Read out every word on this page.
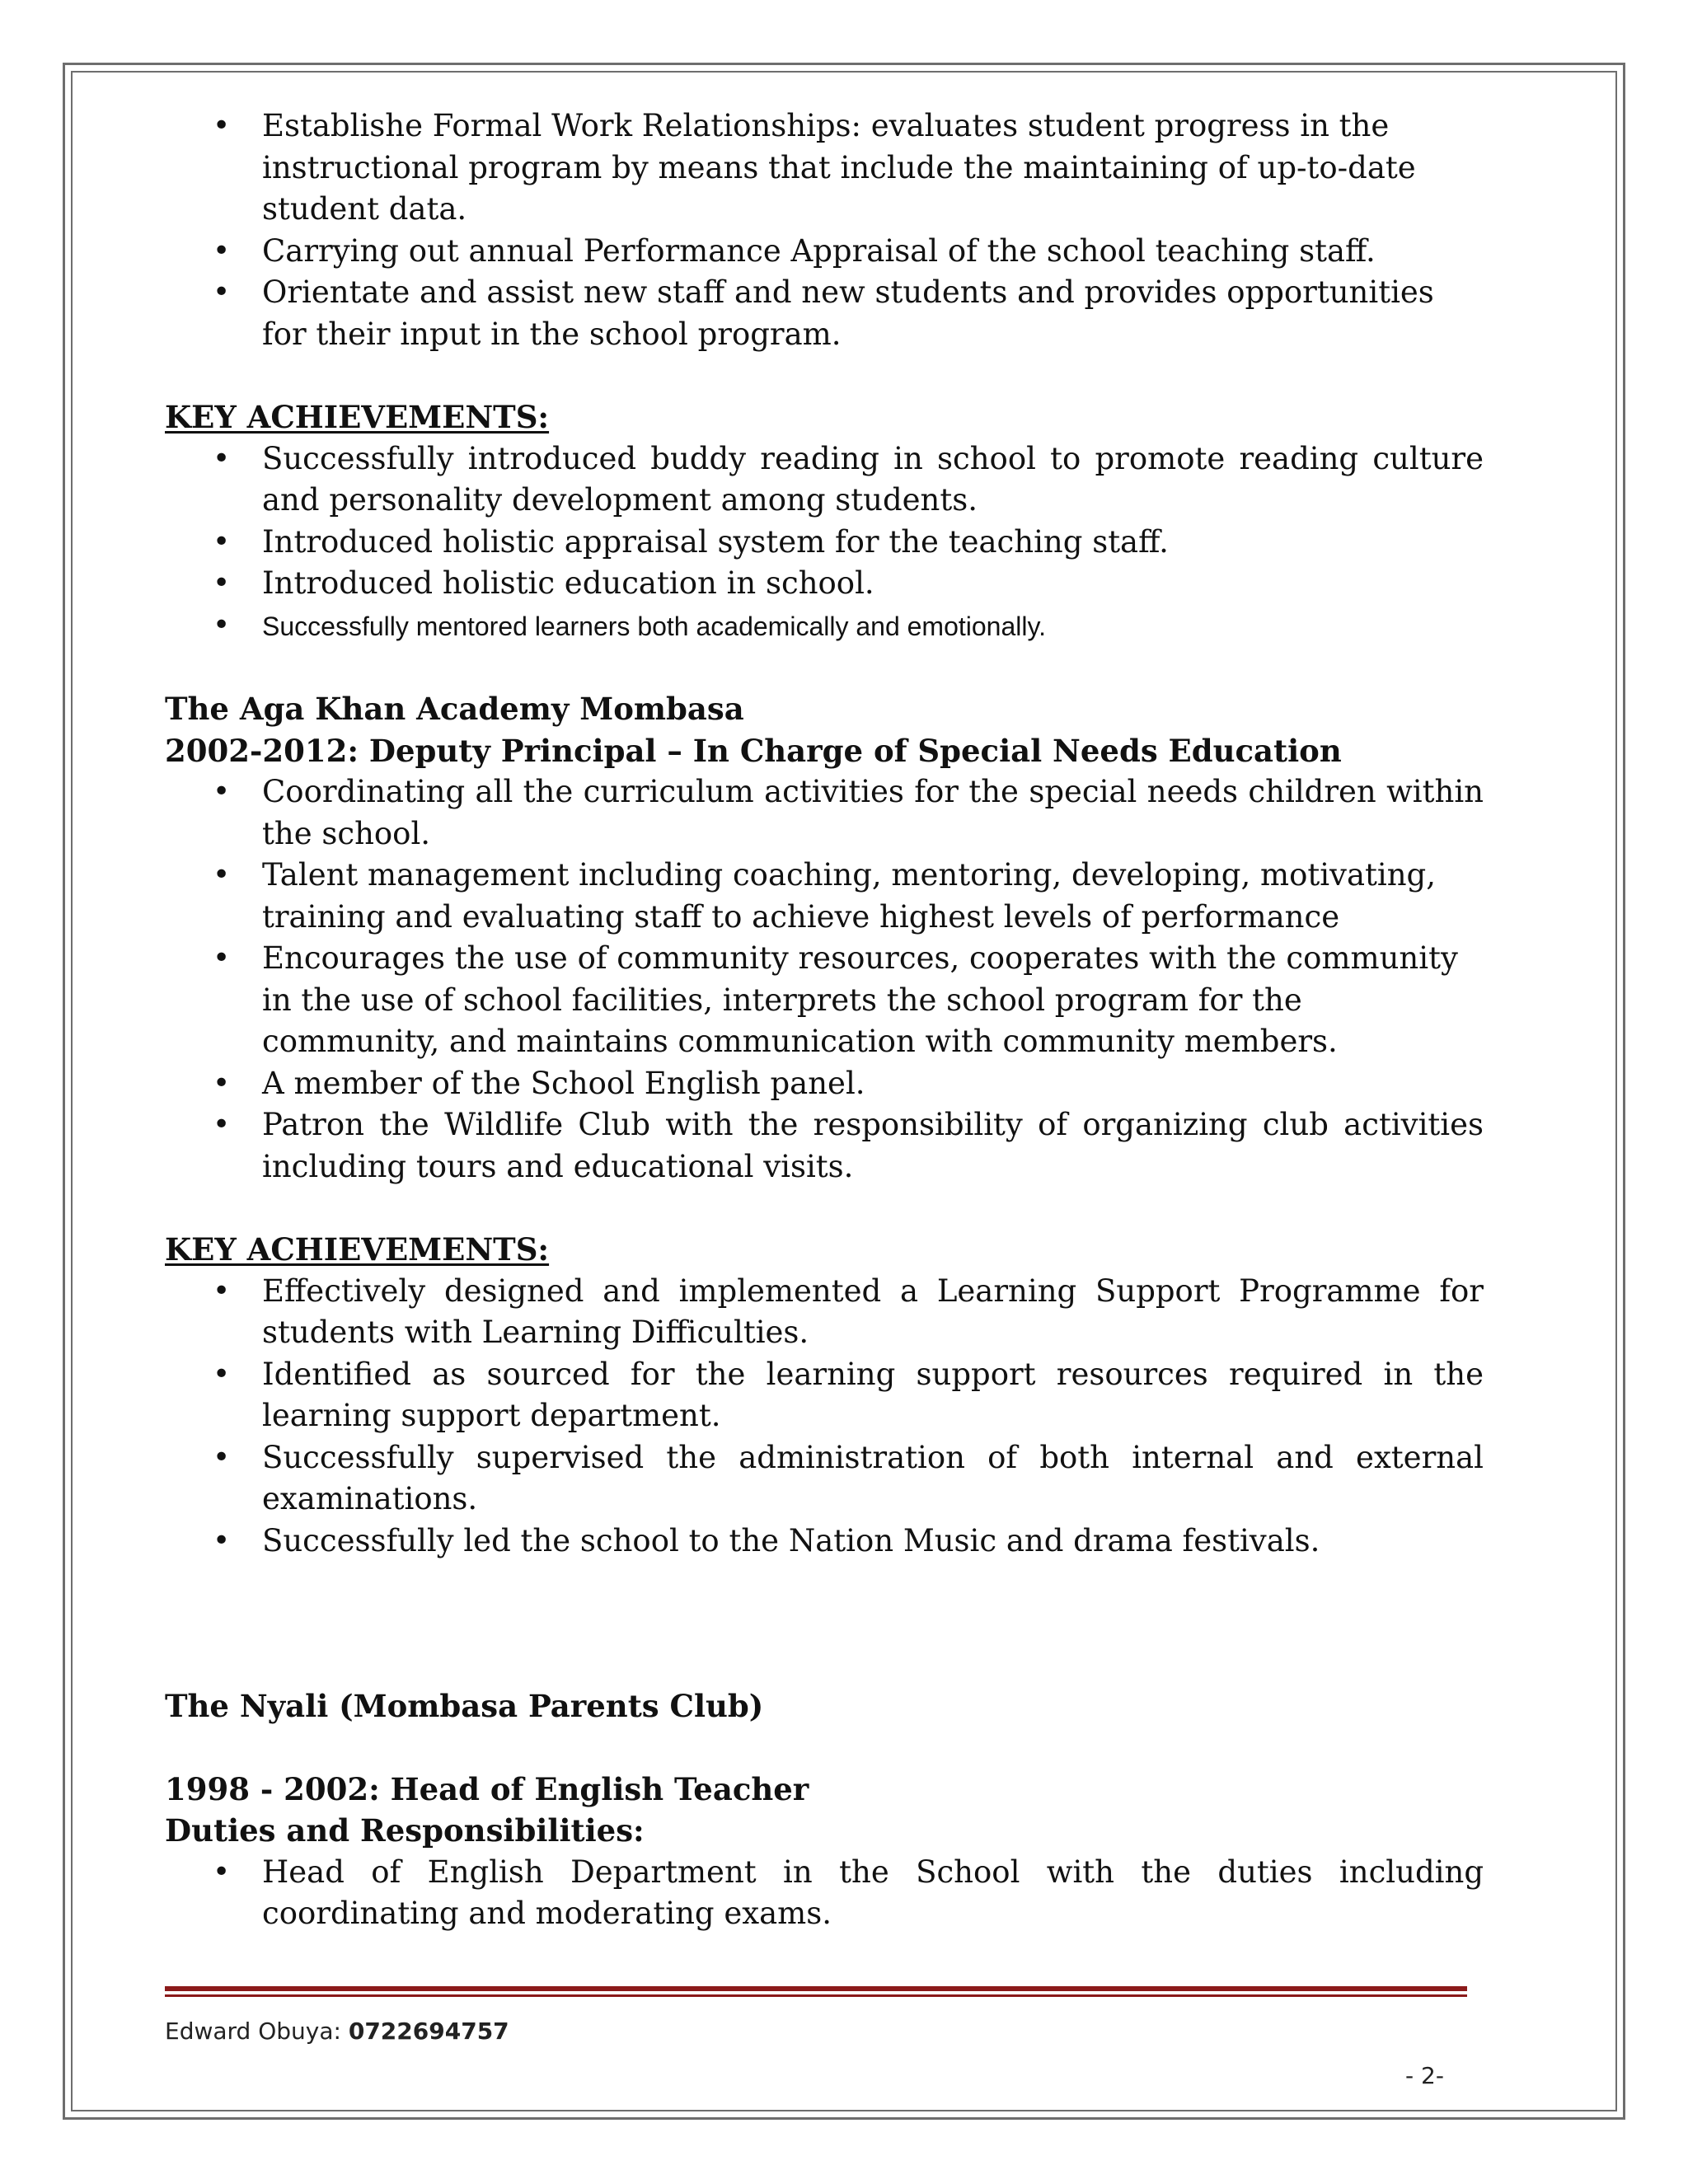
• Establishe Formal Work Relationships: evaluates student progress in the instructional program by means that include the maintaining of up-to-date student data.
• Carrying out annual Performance Appraisal of the school teaching staff.
• Orientate and assist new staff and new students and provides opportunities for their input in the school program.
KEY ACHIEVEMENTS:
• Successfully introduced buddy reading in school to promote reading culture and personality development among students.
• Introduced holistic appraisal system for the teaching staff.
• Introduced holistic education in school.
• Successfully mentored learners both academically and emotionally.
The Aga Khan Academy Mombasa
2002-2012: Deputy Principal – In Charge of Special Needs Education
• Coordinating all the curriculum activities for the special needs children within the school.
• Talent management including coaching, mentoring, developing, motivating, training and evaluating staff to achieve highest levels of performance
• Encourages the use of community resources, cooperates with the community in the use of school facilities, interprets the school program for the community, and maintains communication with community members.
• A member of the School English panel.
• Patron the Wildlife Club with the responsibility of organizing club activities including tours and educational visits.
KEY ACHIEVEMENTS:
• Effectively designed and implemented a Learning Support Programme for students with Learning Difficulties.
• Identified as sourced for the learning support resources required in the learning support department.
• Successfully supervised the administration of both internal and external examinations.
• Successfully led the school to the Nation Music and drama festivals.
The Nyali (Mombasa Parents Club)
1998 - 2002: Head of English Teacher
Duties and Responsibilities:
• Head of English Department in the School with the duties including coordinating and moderating exams.
Edward Obuya: 0722694757
- 2-
